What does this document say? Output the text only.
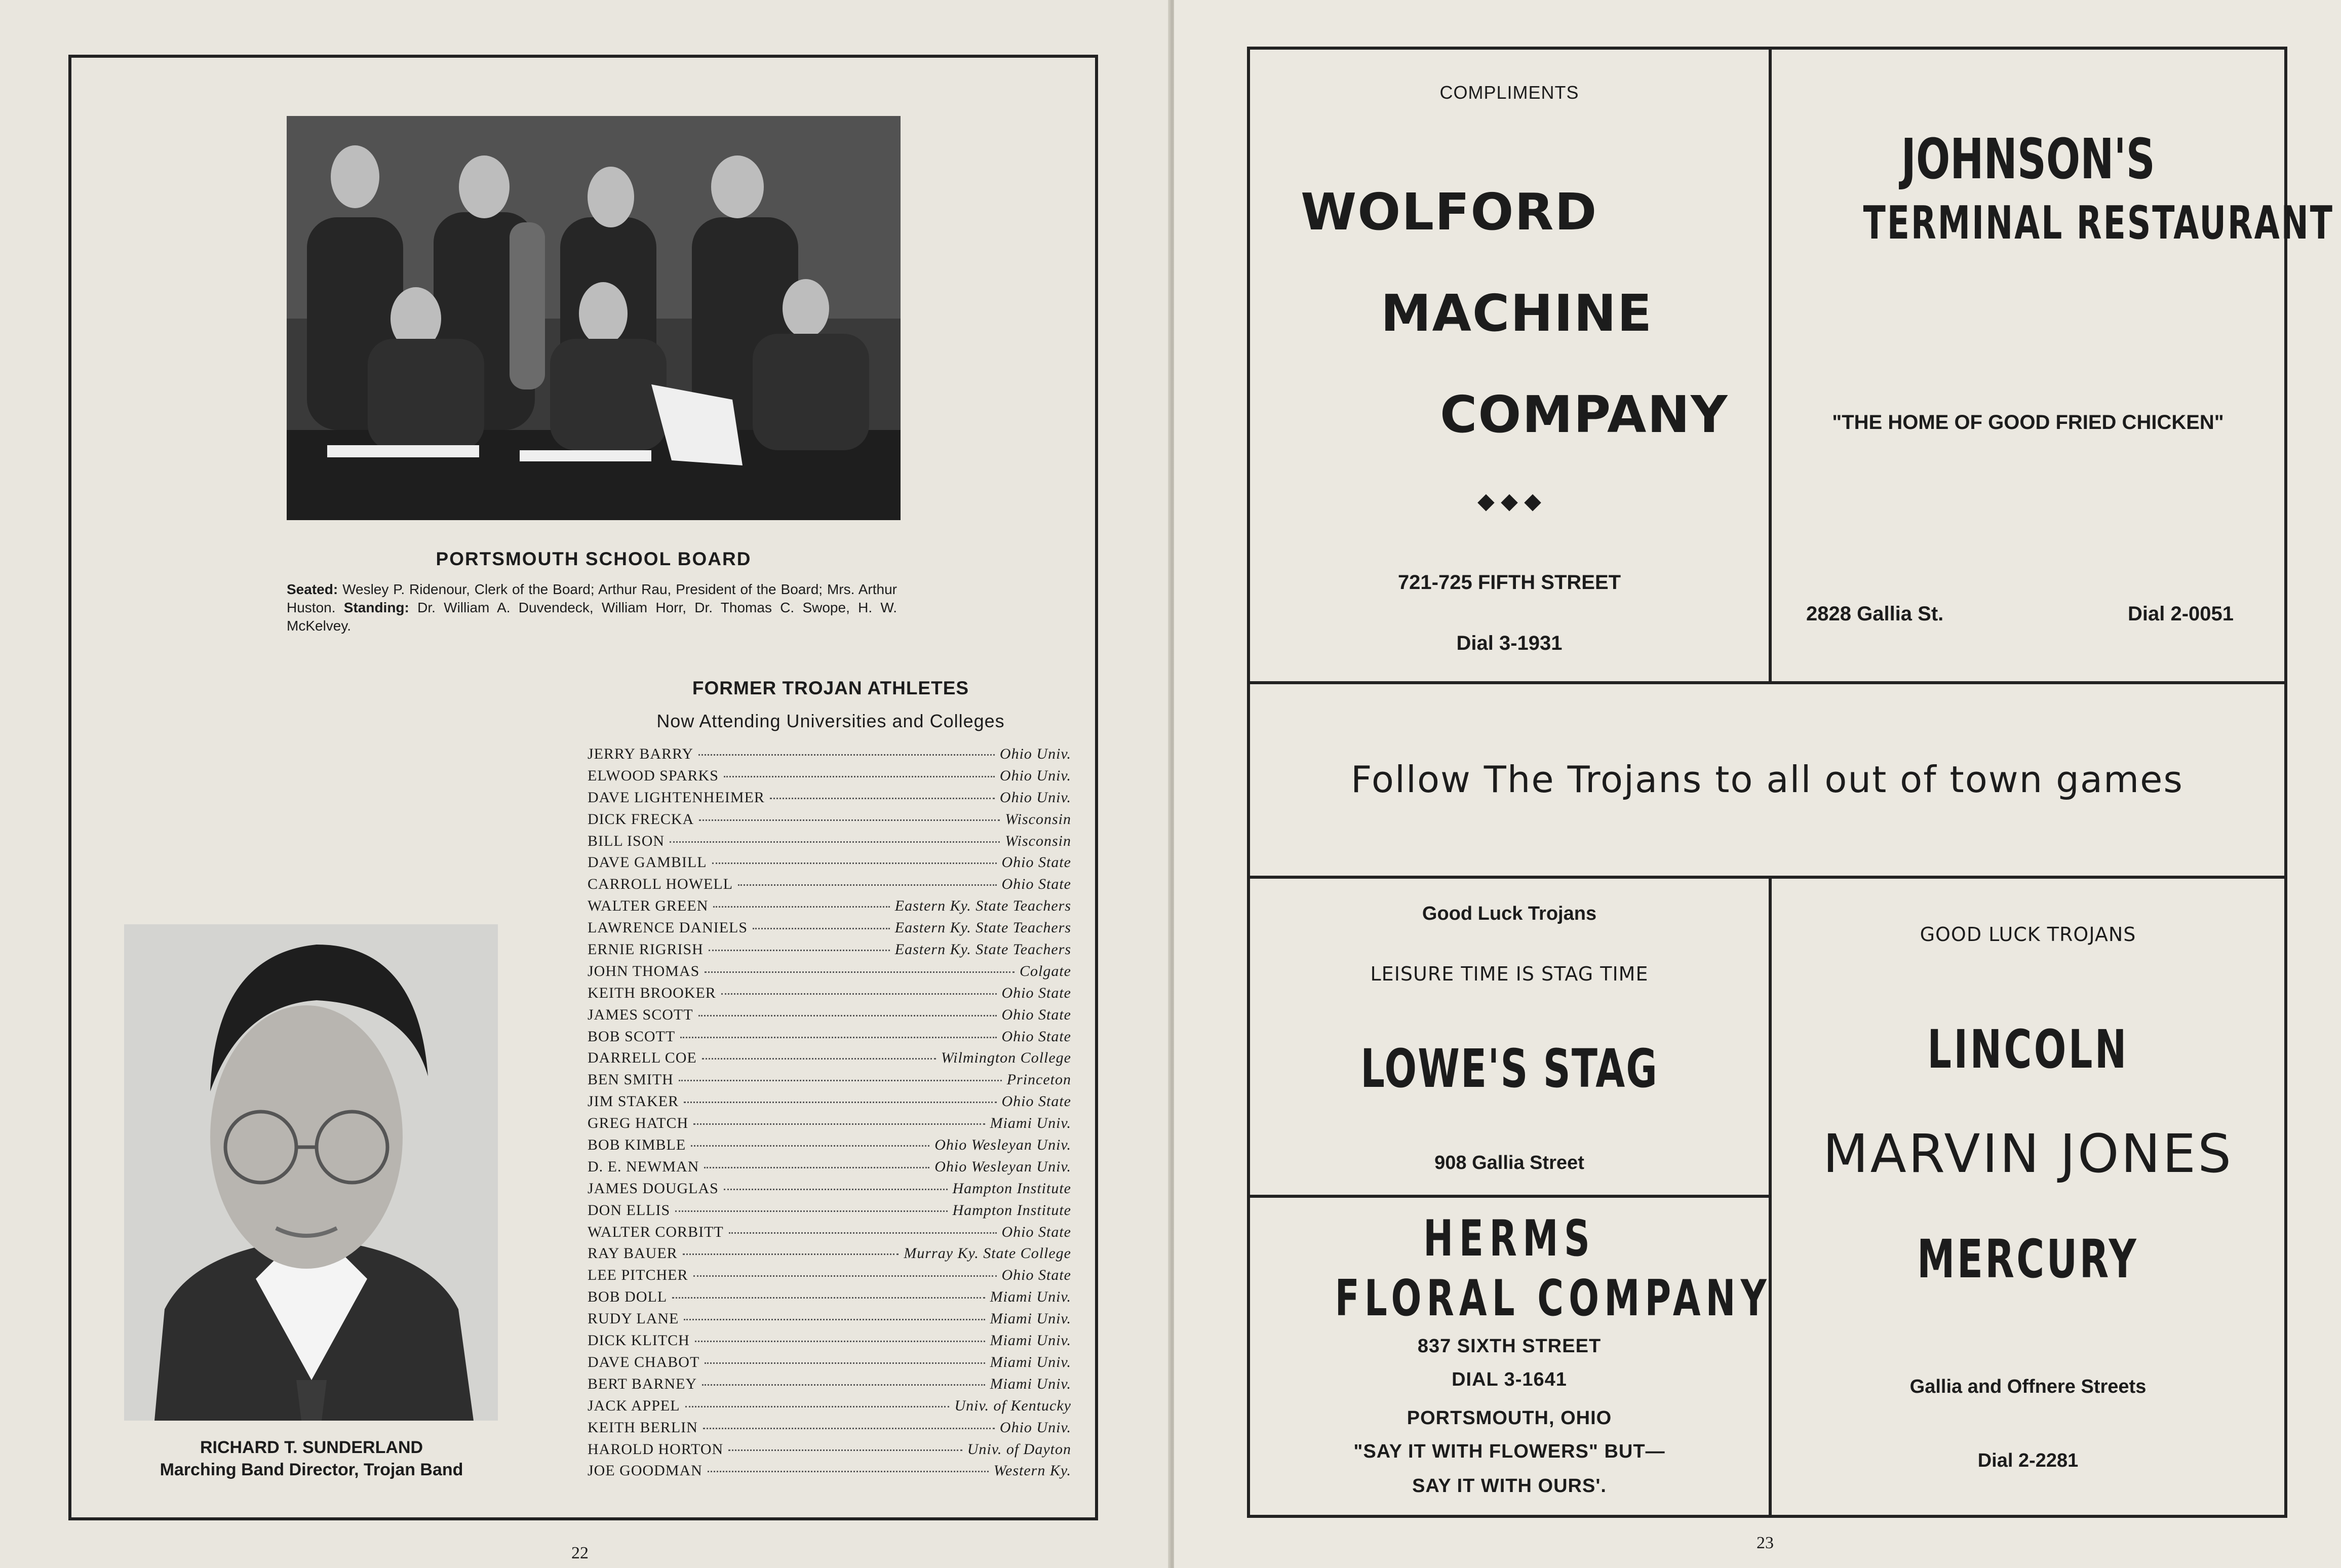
PORTSMOUTH SCHOOL BOARD
Seated: Wesley P. Ridenour, Clerk of the Board; Arthur Rau, President of the Board; Mrs. Arthur Huston. Standing: Dr. William A. Duvendeck, William Horr, Dr. Thomas C. Swope, H. W. McKelvey.
FORMER TROJAN ATHLETES
Now Attending Universities and Colleges
JERRY BARRY	Ohio Univ.
ELWOOD SPARKS	Ohio Univ.
DAVE LIGHTENHEIMER	Ohio Univ.
DICK FRECKA	Wisconsin
BILL ISON	Wisconsin
DAVE GAMBILL	Ohio State
CARROLL HOWELL	Ohio State
WALTER GREEN	Eastern Ky. State Teachers
LAWRENCE DANIELS	Eastern Ky. State Teachers
ERNIE RIGRISH	Eastern Ky. State Teachers
JOHN THOMAS	Colgate
KEITH BROOKER	Ohio State
JAMES SCOTT	Ohio State
BOB SCOTT	Ohio State
DARRELL COE	Wilmington College
BEN SMITH	Princeton
JIM STAKER	Ohio State
GREG HATCH	Miami Univ.
BOB KIMBLE	Ohio Wesleyan Univ.
D. E. NEWMAN	Ohio Wesleyan Univ.
JAMES DOUGLAS	Hampton Institute
DON ELLIS	Hampton Institute
WALTER CORBITT	Ohio State
RAY BAUER	Murray Ky. State College
LEE PITCHER	Ohio State
BOB DOLL	Miami Univ.
RUDY LANE	Miami Univ.
DICK KLITCH	Miami Univ.
DAVE CHABOT	Miami Univ.
BERT BARNEY	Miami Univ.
JACK APPEL	Univ. of Kentucky
KEITH BERLIN	Ohio Univ.
HAROLD HORTON	Univ. of Dayton
JOE GOODMAN	Western Ky.
RICHARD T. SUNDERLAND
Marching Band Director, Trojan Band
22
COMPLIMENTS
WOLFORD
MACHINE
COMPANY
◆ ◆ ◆
721-725 FIFTH STREET
Dial 3-1931
JOHNSON'S
TERMINAL RESTAURANT
"THE HOME OF GOOD FRIED CHICKEN"
2828 Gallia St.	Dial 2-0051
Follow The Trojans to all out of town games
Good Luck Trojans
LEISURE TIME IS STAG TIME
LOWE'S STAG
908 Gallia Street
HERMS
FLORAL COMPANY
837 SIXTH STREET
DIAL 3-1641
PORTSMOUTH, OHIO
"SAY IT WITH FLOWERS" BUT—
SAY IT WITH OURS'.
GOOD LUCK TROJANS
LINCOLN
MARVIN JONES
MERCURY
Gallia and Offnere Streets
Dial 2-2281
23
